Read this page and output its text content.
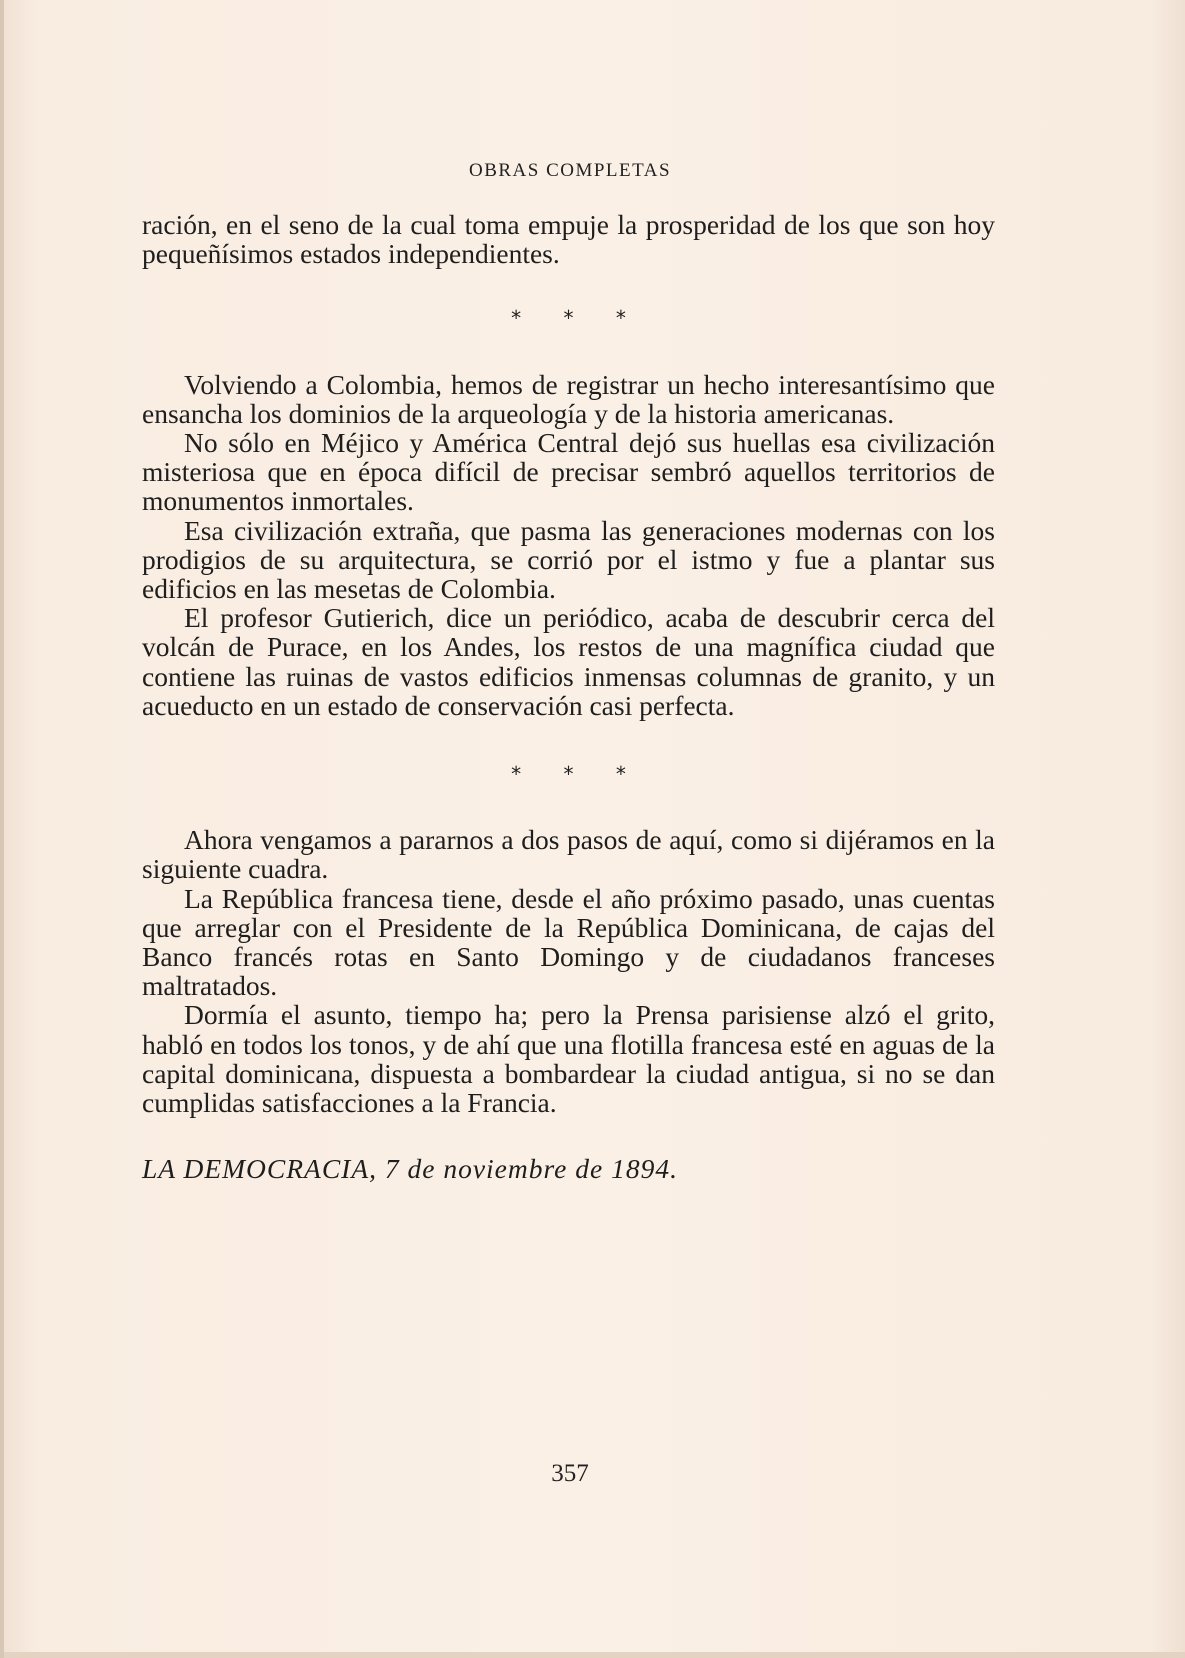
OBRAS COMPLETAS

ración, en el seno de la cual toma empuje la prosperidad de los que son hoy pequeñísimos estados independientes.

* * *

Volviendo a Colombia, hemos de registrar un hecho interesantísimo que ensancha los dominios de la arqueología y de la historia americanas.

No sólo en Méjico y América Central dejó sus huellas esa civilización misteriosa que en época difícil de precisar sembró aquellos territorios de monumentos inmortales.

Esa civilización extraña, que pasma las generaciones modernas con los prodigios de su arquitectura, se corrió por el istmo y fue a plantar sus edificios en las mesetas de Colombia.

El profesor Gutierich, dice un periódico, acaba de descubrir cerca del volcán de Purace, en los Andes, los restos de una magnífica ciudad que contiene las ruinas de vastos edificios inmensas columnas de granito, y un acueducto en un estado de conservación casi perfecta.

* * *

Ahora vengamos a pararnos a dos pasos de aquí, como si dijéramos en la siguiente cuadra.

La República francesa tiene, desde el año próximo pasado, unas cuentas que arreglar con el Presidente de la República Dominicana, de cajas del Banco francés rotas en Santo Domingo y de ciudadanos franceses maltratados.

Dormía el asunto, tiempo ha; pero la Prensa parisiense alzó el grito, habló en todos los tonos, y de ahí que una flotilla francesa esté en aguas de la capital dominicana, dispuesta a bombardear la ciudad antigua, si no se dan cumplidas satisfacciones a la Francia.

LA DEMOCRACIA, 7 de noviembre de 1894.

357
